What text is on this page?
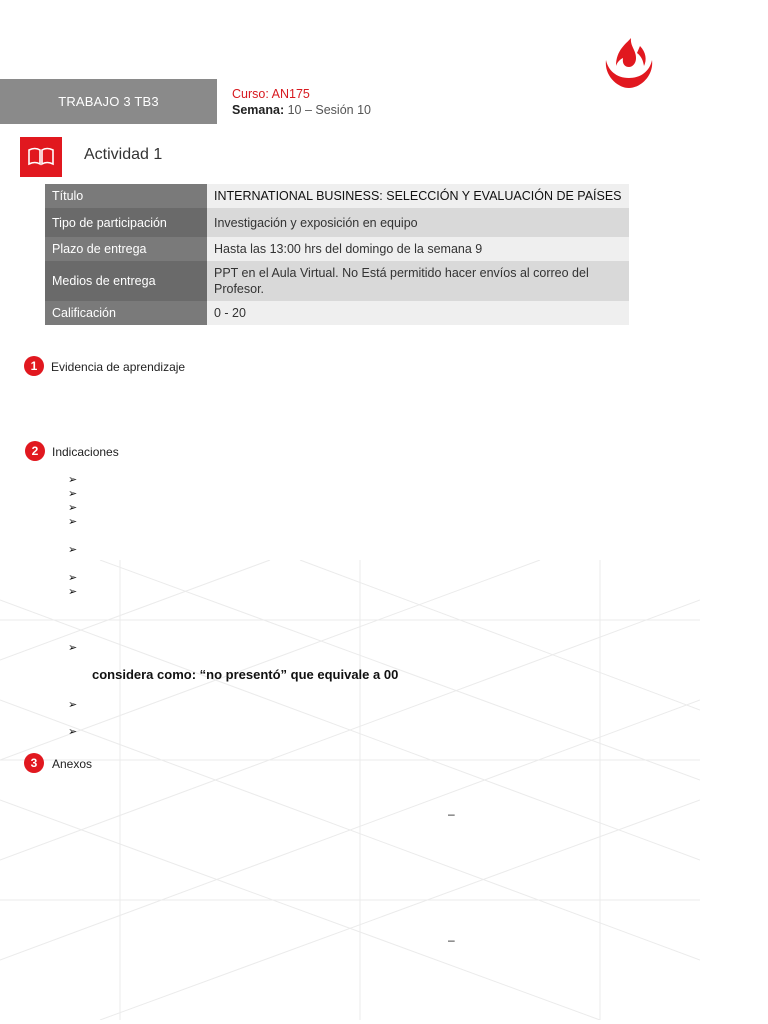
TRABAJO 3 TB3	Curso: AN175
Semana: 10 – Sesión 10
Actividad 1
Título	INTERNATIONAL BUSINESS: SELECCIÓN Y EVALUACIÓN DE PAÍSES
Tipo de participación	Investigación y exposición en equipo
Plazo de entrega	Hasta las 13:00 hrs del domingo de la semana 9
Medios de entrega	PPT en el Aula Virtual. No Está permitido hacer envíos al correo del Profesor.
Calificación	0 - 20
1	Evidencia de aprendizaje
2	Indicaciones
➢
➢
➢
➢
➢
➢
➢
➢
considera como: “no presentó” que equivale a 00
➢
➢
3	Anexos
–
–
